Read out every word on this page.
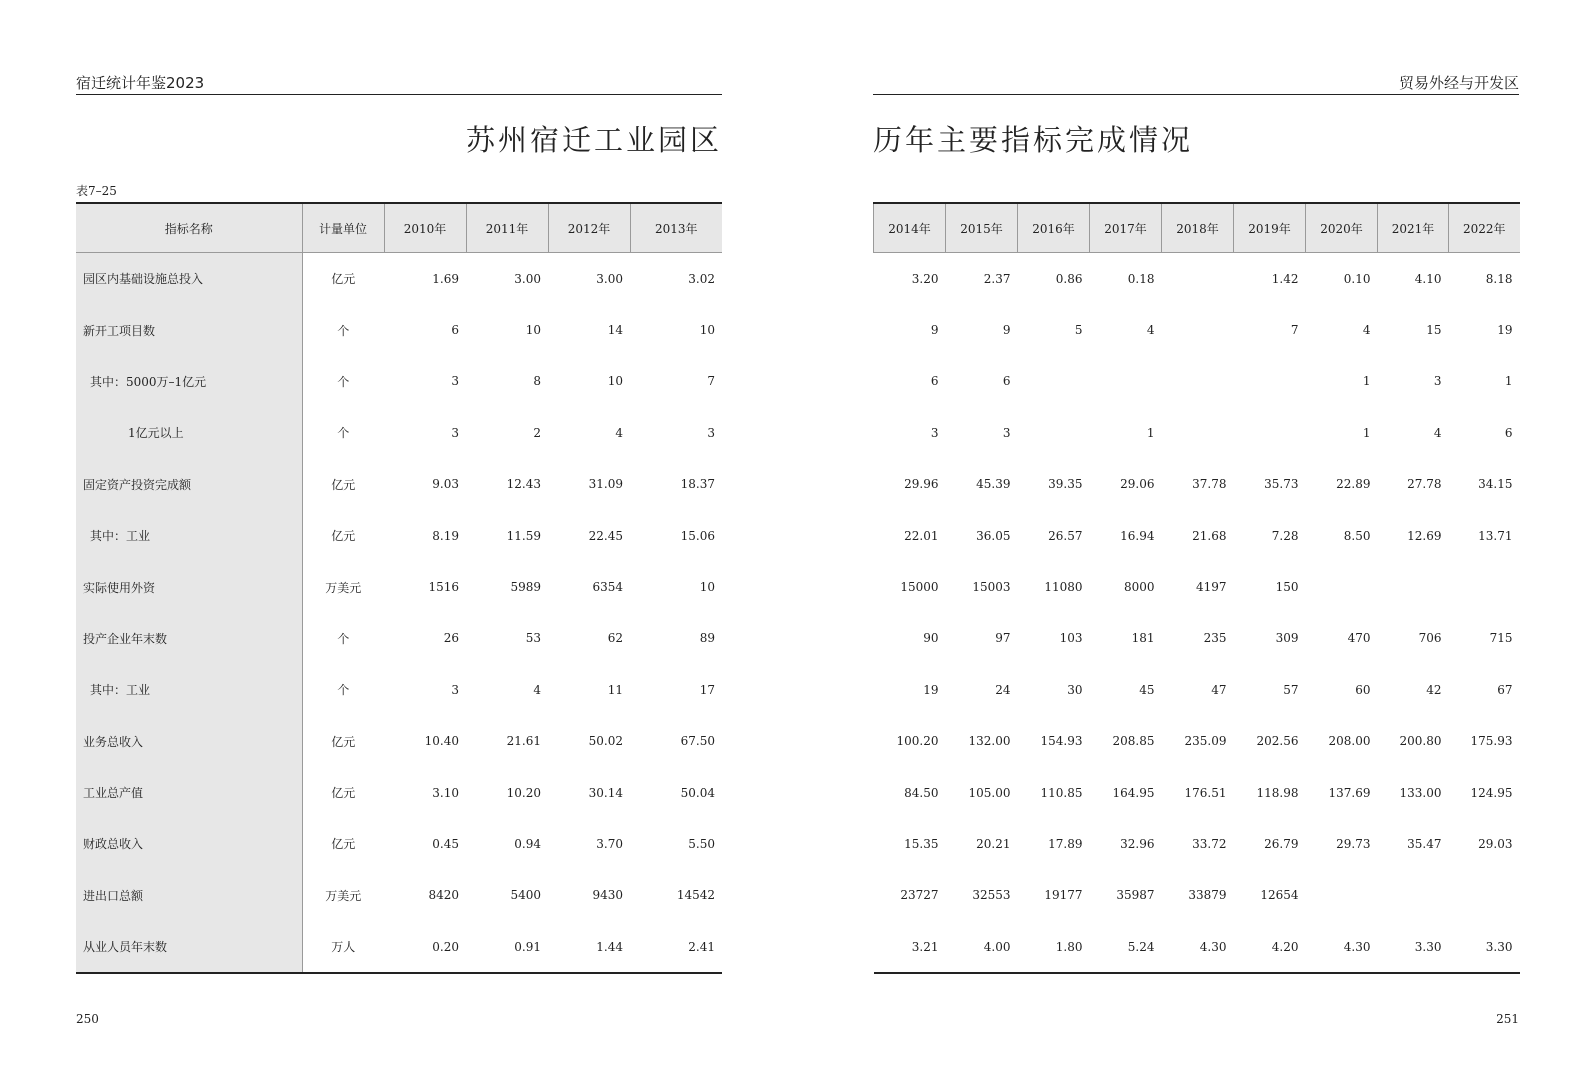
宿迁统计年鉴2023
苏州宿迁工业园区
表7–25
指标名称	计量单位	2010年	2011年	2012年	2013年
园区内基础设施总投入	亿元	1.69	3.00	3.00	3.02
新开工项目数	个	6	10	14	10
其中：5000万–1亿元	个	3	8	10	7
1亿元以上	个	3	2	4	3
固定资产投资完成额	亿元	9.03	12.43	31.09	18.37
其中：工业	亿元	8.19	11.59	22.45	15.06
实际使用外资	万美元	1516	5989	6354	10
投产企业年末数	个	26	53	62	89
其中：工业	个	3	4	11	17
业务总收入	亿元	10.40	21.61	50.02	67.50
工业总产值	亿元	3.10	10.20	30.14	50.04
财政总收入	亿元	0.45	0.94	3.70	5.50
进出口总额	万美元	8420	5400	9430	14542
从业人员年末数	万人	0.20	0.91	1.44	2.41
250
贸易外经与开发区
历年主要指标完成情况
2014年	2015年	2016年	2017年	2018年	2019年	2020年	2021年	2022年
3.20	2.37	0.86	0.18		1.42	0.10	4.10	8.18
9	9	5	4		7	4	15	19
6	6					1	3	1
3	3		1			1	4	6
29.96	45.39	39.35	29.06	37.78	35.73	22.89	27.78	34.15
22.01	36.05	26.57	16.94	21.68	7.28	8.50	12.69	13.71
15000	15003	11080	8000	4197	150			
90	97	103	181	235	309	470	706	715
19	24	30	45	47	57	60	42	67
100.20	132.00	154.93	208.85	235.09	202.56	208.00	200.80	175.93
84.50	105.00	110.85	164.95	176.51	118.98	137.69	133.00	124.95
15.35	20.21	17.89	32.96	33.72	26.79	29.73	35.47	29.03
23727	32553	19177	35987	33879	12654			
3.21	4.00	1.80	5.24	4.30	4.20	4.30	3.30	3.30
251
